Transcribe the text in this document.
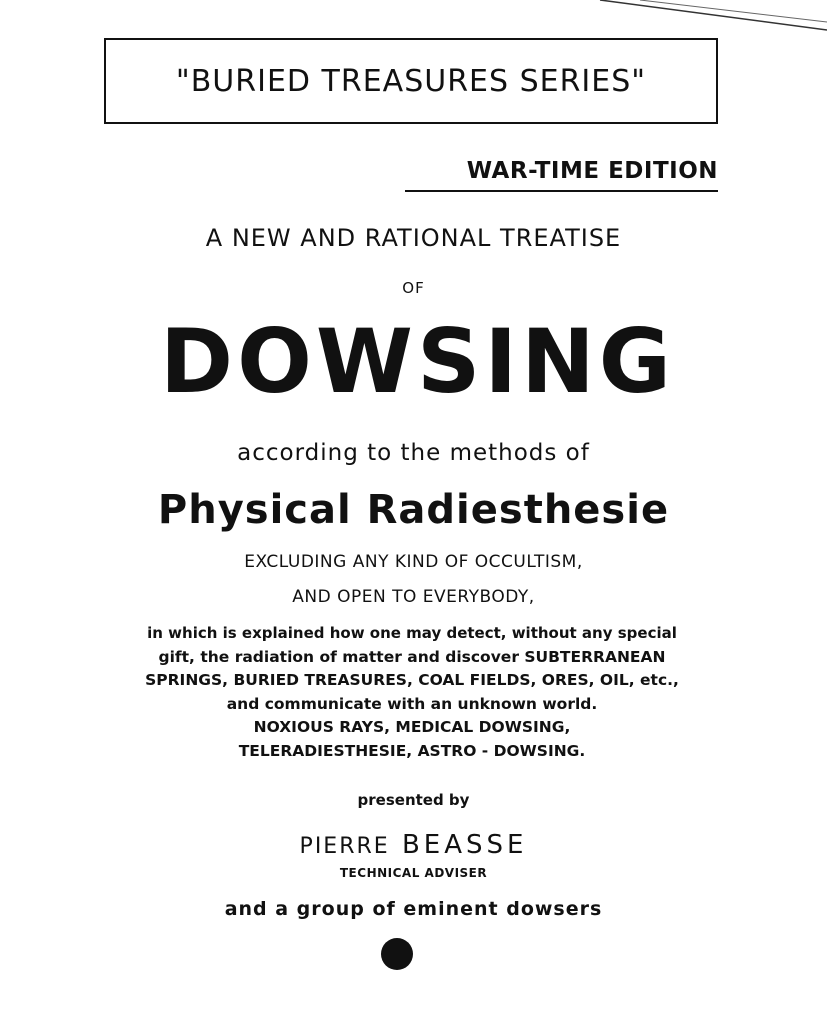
"BURIED TREASURES SERIES"
WAR-TIME EDITION
A NEW AND RATIONAL TREATISE
OF
DOWSING
according to the methods of
Physical Radiesthesie
EXCLUDING ANY KIND OF OCCULTISM,
AND OPEN TO EVERYBODY,
in which is explained how one may detect, without any special
gift, the radiation of matter and discover SUBTERRANEAN
SPRINGS, BURIED TREASURES, COAL FIELDS, ORES, OIL, etc.,
and communicate with an unknown world.
NOXIOUS RAYS, MEDICAL DOWSING,
TELERADIESTHESIE, ASTRO - DOWSING.
presented by
PIERRE BEASSE
TECHNICAL ADVISER
and a group of eminent dowsers
